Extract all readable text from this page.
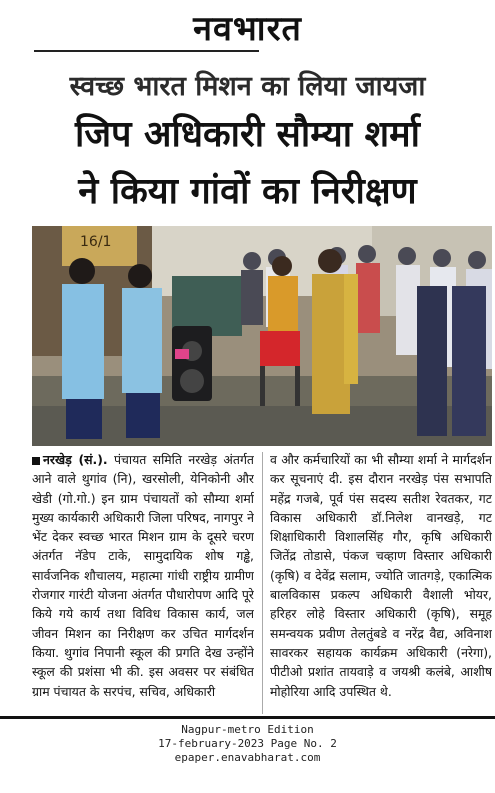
नवभारत
स्वच्छ भारत मिशन का लिया जायजा
जिप अधिकारी सौम्या शर्मा
ने किया गांवों का निरीक्षण
16/1
नरखेड़ (सं.). पंचायत समिति नरखेड़ अंतर्गत आने वाले थुगांव (नि), खरसोली, येनिकोनी और खेडी (गो.गो.) इन ग्राम पंचायतों को सौम्या शर्मा मुख्य कार्यकारी अधिकारी जिला परिषद, नागपुर ने भेंट देकर स्वच्छ भारत मिशन ग्राम के दूसरे चरण अंतर्गत नॅडेप टाके, सामुदायिक शोष गड्ढे, सार्वजनिक शौचालय, महात्मा गांधी राष्ट्रीय ग्रामीण रोजगार गारंटी योजना अंतर्गत पौधारोपण आदि पूरे किये गये कार्य तथा विविध विकास कार्य, जल जीवन मिशन का निरीक्षण कर उचित मार्गदर्शन किया. थुगांव निपानी स्कूल की प्रगति देख उन्होंने स्कूल की प्रशंसा भी की. इस अवसर पर संबंधित ग्राम पंचायत के सरपंच, सचिव, अधिकारी
व और कर्मचारियों का भी सौम्या शर्मा ने मार्गदर्शन कर सूचनाएं दी. इस दौरान नरखेड़ पंस सभापति महेंद्र गजबे, पूर्व पंस सदस्य सतीश रेवतकर, गट विकास अधिकारी डॉ.निलेश वानखड़े, गट शिक्षाधिकारी विशालसिंह गौर, कृषि अधिकारी जितेंद्र तोडासे, पंकज चव्हाण विस्तार अधिकारी (कृषि) व देवेंद्र सलाम, ज्योति जातगड़े, एकात्मिक बालविकास प्रकल्प अधिकारी वैशाली भोयर, हरिहर लोहे विस्तार अधिकारी (कृषि), समूह समन्वयक प्रवीण तेलतुंबडे व नरेंद्र वैद्य, अविनाश सावरकर सहायक कार्यक्रम अधिकारी (नरेगा), पीटीओ प्रशांत तायवाड़े व जयश्री कलंबे, आशीष मोहोरिया आदि उपस्थित थे.
Nagpur-metro Edition
17-february-2023 Page No. 2
epaper.enavabharat.com
